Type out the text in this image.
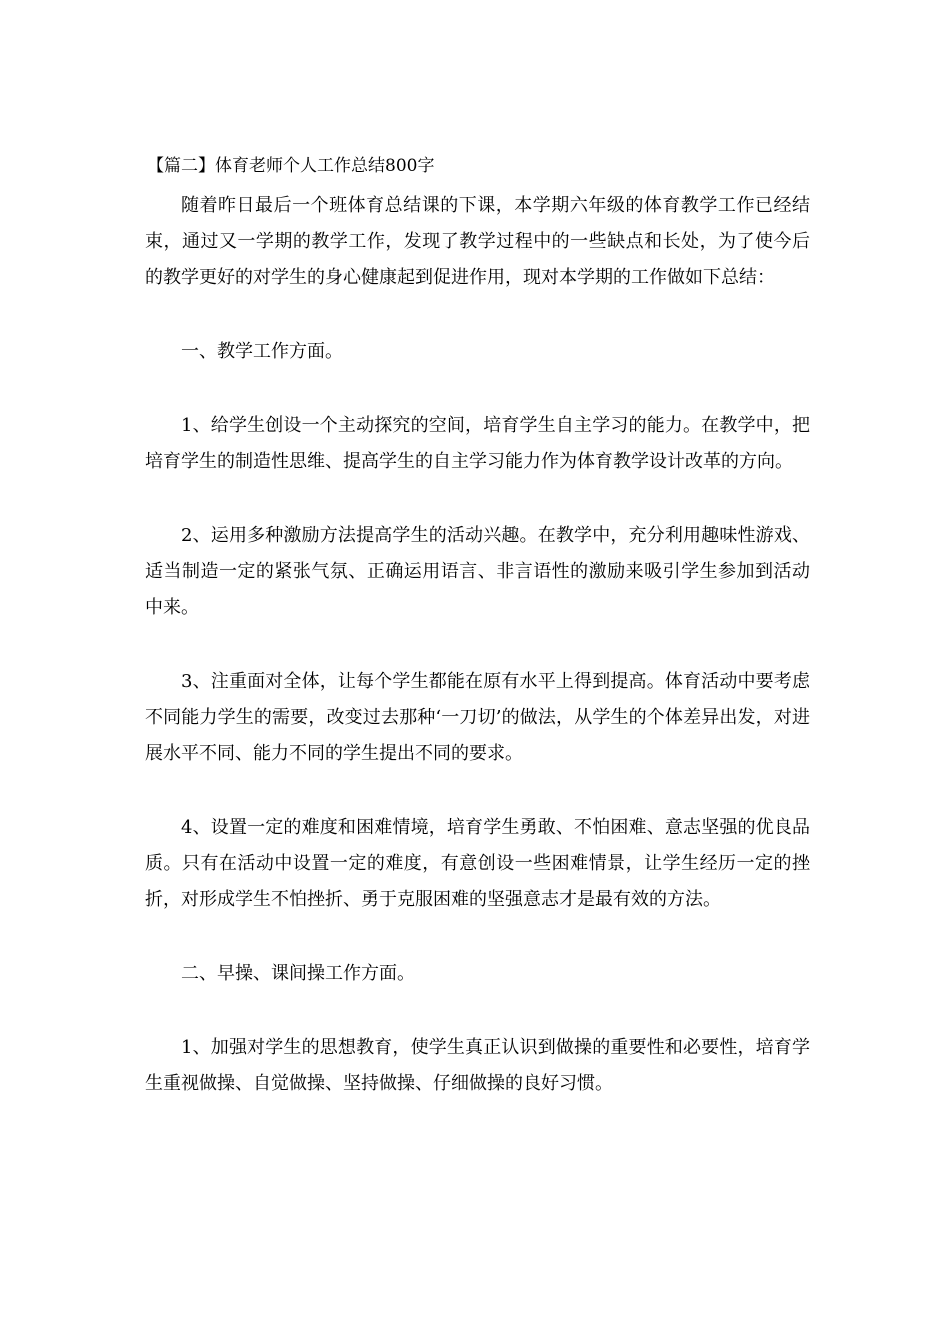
【篇二】体育老师个人工作总结800字

随着昨日最后一个班体育总结课的下课，本学期六年级的体育教学工作已经结束，通过又一学期的教学工作，发现了教学过程中的一些缺点和长处，为了使今后的教学更好的对学生的身心健康起到促进作用，现对本学期的工作做如下总结：

一、教学工作方面。

1、给学生创设一个主动探究的空间，培育学生自主学习的能力。在教学中，把培育学生的制造性思维、提高学生的自主学习能力作为体育教学设计改革的方向。

2、运用多种激励方法提高学生的活动兴趣。在教学中，充分利用趣味性游戏、适当制造一定的紧张气氛、正确运用语言、非言语性的激励来吸引学生参加到活动中来。

3、注重面对全体，让每个学生都能在原有水平上得到提高。体育活动中要考虑不同能力学生的需要，改变过去那种‘一刀切’的做法，从学生的个体差异出发，对进展水平不同、能力不同的学生提出不同的要求。

4、设置一定的难度和困难情境，培育学生勇敢、不怕困难、意志坚强的优良品质。只有在活动中设置一定的难度，有意创设一些困难情景，让学生经历一定的挫折，对形成学生不怕挫折、勇于克服困难的坚强意志才是最有效的方法。

二、早操、课间操工作方面。

1、加强对学生的思想教育，使学生真正认识到做操的重要性和必要性，培育学生重视做操、自觉做操、坚持做操、仔细做操的良好习惯。
